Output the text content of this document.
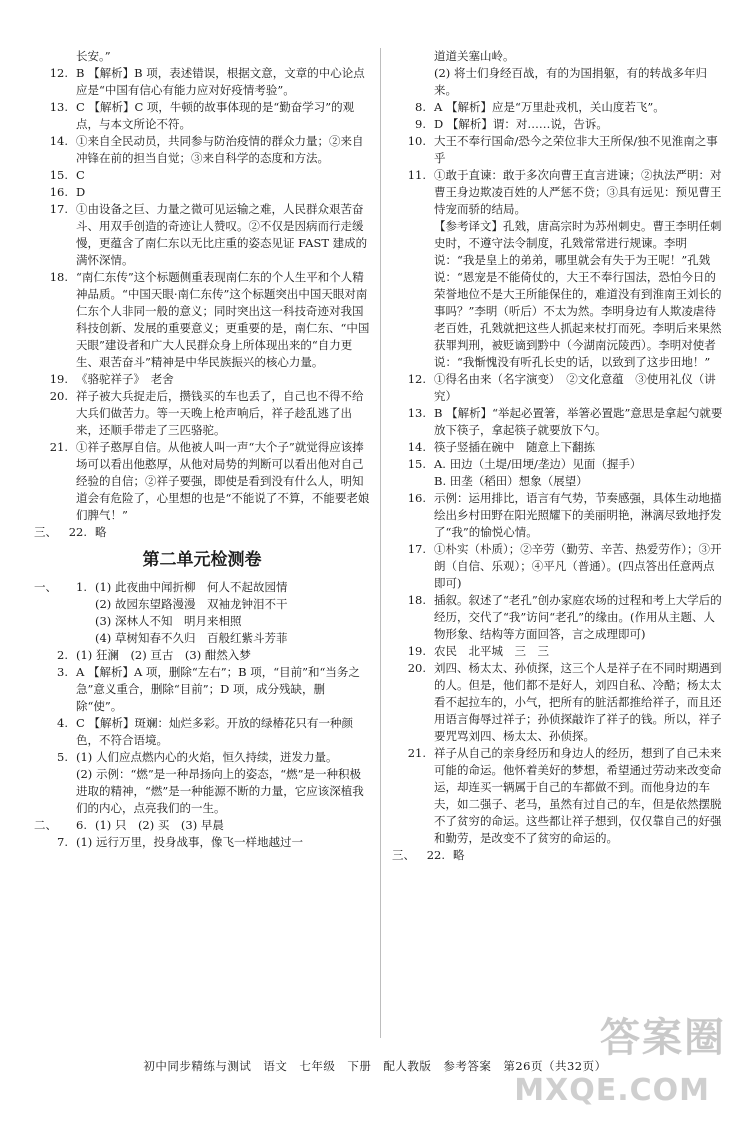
长安。”
12. B 【解析】B 项，表述错误，根据文意，文章的中心论点应是“中国有信心有能力应对好疫情考验”。
13. C 【解析】C 项，牛顿的故事体现的是“勤奋学习”的观点，与本文所论不符。
14. ①来自全民动员，共同参与防治疫情的群众力量；②来自冲锋在前的担当自觉；③来自科学的态度和方法。
15. C
16. D
17. ①由设备之巨、力量之微可见运输之难，人民群众艰苦奋斗、用双手创造的奇迹让人赞叹。②不仅是因病而行走缓慢，更蕴含了南仁东以无比庄重的姿态见证 FAST 建成的满怀深情。
18. “南仁东传”这个标题侧重表现南仁东的个人生平和个人精神品质。“中国天眼·南仁东传”这个标题突出中国天眼对南仁东个人非同一般的意义；同时突出这一科技奇迹对我国科技创新、发展的重要意义；更重要的是，南仁东、“中国天眼”建设者和广大人民群众身上所体现出来的“自力更生、艰苦奋斗”精神是中华民族振兴的核心力量。
19. 《骆驼祥子》　老舍
20. 祥子被大兵捉走后，攒钱买的车也丢了，自己也不得不给大兵们做苦力。等一天晚上枪声响后，祥子趁乱逃了出来，还顺手带走了三匹骆驼。
21. ①祥子憨厚自信。从他被人叫一声“大个子”就觉得应该捧场可以看出他憨厚，从他对局势的判断可以看出他对自己经验的自信；②祥子要强，即使是看到没有什么人，明知道会有危险了，心里想的也是“不能说了不算，不能要老娘们脾气！”
三、	22. 略
第二单元检测卷
一、	1. (1) 此夜曲中闻折柳　何人不起故园情
(2) 故园东望路漫漫　双袖龙钟泪不干
(3) 深林人不知　明月来相照
(4) 草树知春不久归　百般红紫斗芳菲
2. (1) 狂澜　(2) 亘古　(3) 酣然入梦
3. A 【解析】A 项，删除“左右”；B 项，“目前”和“当务之急”意义重合，删除“目前”；D 项，成分残缺，删除“使”。
4. C 【解析】斑斓：灿烂多彩。开放的绿椿花只有一种颜色，不符合语境。
5. (1) 人们应点燃内心的火焰，恒久持续，迸发力量。
(2) 示例：“燃”是一种昂扬向上的姿态，“燃”是一种积极进取的精神，“燃”是一种能源不断的力量，它应该深植我们的内心，点亮我们的一生。
二、	6. (1) 只　(2) 买　(3) 早晨
7. (1) 远行万里，投身战事，像飞一样地越过一
道道关塞山岭。
(2) 将士们身经百战，有的为国捐躯，有的转战多年归来。
8. A 【解析】应是“万里赴戎机，关山度若飞”。
9. D 【解析】谓：对……说，告诉。
10. 大王不奉行国命/恐今之荣位非大王所保/独不见淮南之事乎
11. ①敢于直谏：敢于多次向曹王直言进谏；②执法严明：对曹王身边欺凌百姓的人严惩不贷；③具有远见：预见曹王恃宠而骄的结局。
【参考译文】孔戣，唐高宗时为苏州刺史。曹王李明任刺史时，不遵守法令制度，孔戣常常进行规谏。李明说：“我是皇上的弟弟，哪里就会有失于为王呢！”孔戣说：“恩宠是不能倚仗的，大王不奉行国法，恐怕今日的荣誉地位不是大王所能保住的，难道没有到淮南王刘长的事吗？”李明（听后）不太为然。李明身边有人欺凌虐待老百姓，孔戣就把这些人抓起来杖打而死。李明后来果然获罪判刑，被贬谪到黔中（今湖南沅陵西）。李明对使者说：“我惭愧没有听孔长史的话，以致到了这步田地！”
12. ①得名由来（名字演变）　②文化意蕴　③使用礼仪（讲究）
13. B 【解析】“举起必置箸，举箸必置匙”意思是拿起勺就要放下筷子，拿起筷子就要放下勺。
14. 筷子竖插在碗中　随意上下翻拣
15. A. 田边（土堤/田埂/垄边）见面（握手）
B. 田垄（稻田）想象（展望）
16. 示例：运用排比，语言有气势，节奏感强，具体生动地描绘出乡村田野在阳光照耀下的美丽明艳，淋漓尽致地抒发了“我”的愉悦心情。
17. ①朴实（朴质）；②辛劳（勤劳、辛苦、热爱劳作）；③开朗（自信、乐观）；④平凡（普通）。(四点答出任意两点即可)
18. 插叙。叙述了“老孔”创办家庭农场的过程和考上大学后的经历，交代了“我”访问“老孔”的缘由。(作用从主题、人物形象、结构等方面回答，言之成理即可)
19. 农民　北平城　三　三
20. 刘四、杨太太、孙侦探，这三个人是祥子在不同时期遇到的人。但是，他们都不是好人，刘四自私、冷酷；杨太太看不起拉车的，小气，把所有的脏活都推给祥子，而且还用语言侮辱过祥子；孙侦探敲诈了祥子的钱。所以，祥子要咒骂刘四、杨太太、孙侦探。
21. 祥子从自己的亲身经历和身边人的经历，想到了自己未来可能的命运。他怀着美好的梦想，希望通过劳动来改变命运，却连买一辆属于自己的车都做不到。而他身边的车夫，如二强子、老马，虽然有过自己的车，但是依然摆脱不了贫穷的命运。这些都让祥子想到，仅仅靠自己的好强和勤劳，是改变不了贫穷的命运的。
三、	22. 略
初中同步精练与测试　语文　七年级　下册　配人教版　参考答案　第26页（共32页）
答案圈
MXQE.COM
